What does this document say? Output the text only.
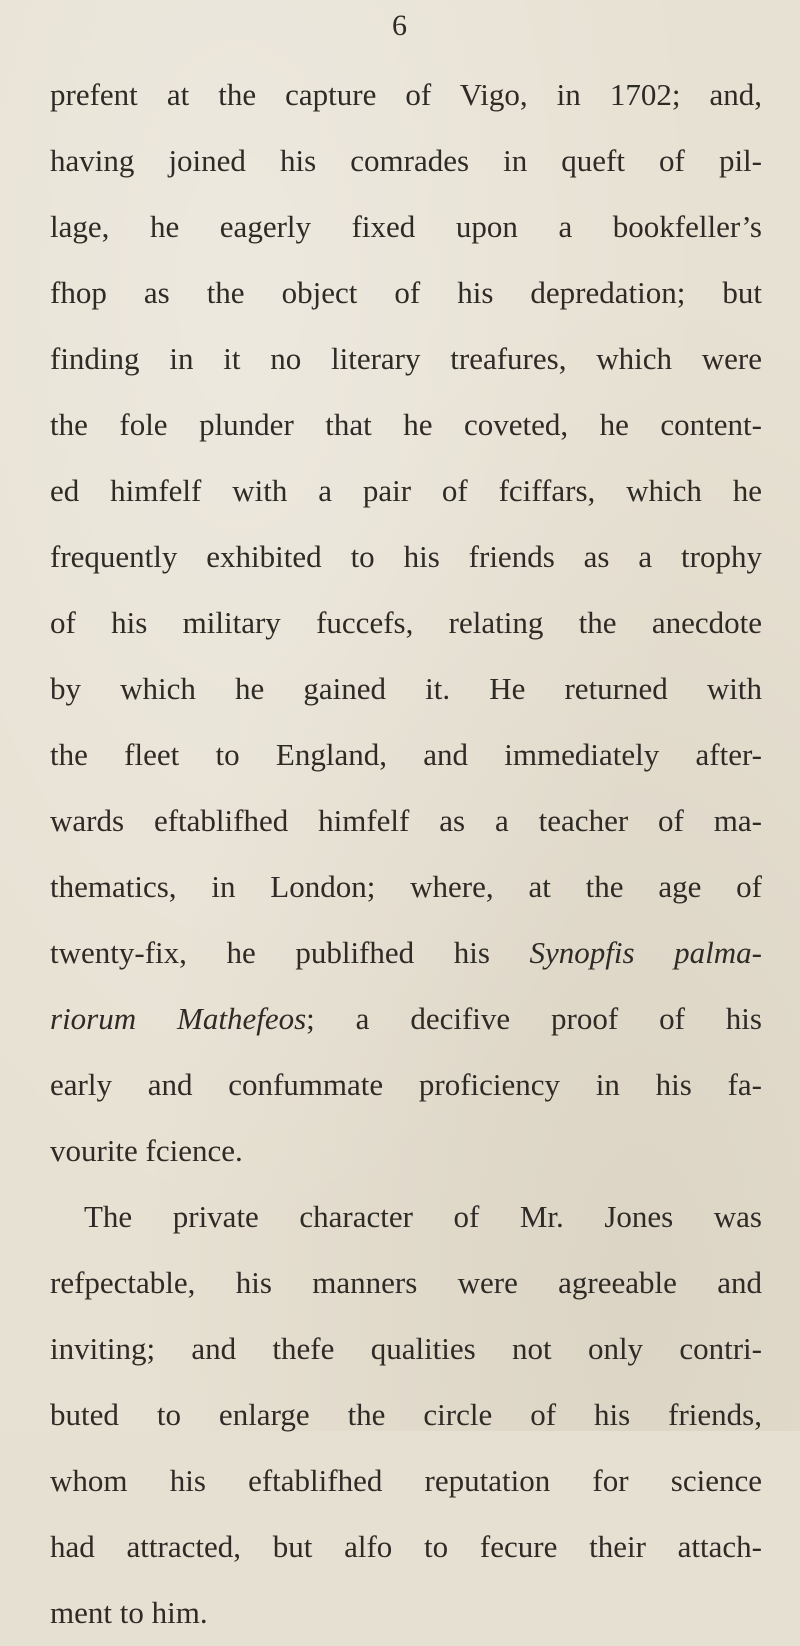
6
prefent at the capture of Vigo, in 1702; and,
having joined his comrades in queft of pil-
lage, he eagerly fixed upon a bookfeller’s
fhop as the object of his depredation; but
finding in it no literary treafures, which were
the fole plunder that he coveted, he content-
ed himfelf with a pair of fciffars, which he
frequently exhibited to his friends as a trophy
of his military fuccefs, relating the anecdote
by which he gained it. He returned with
the fleet to England, and immediately after-
wards eftablifhed himfelf as a teacher of ma-
thematics, in London; where, at the age of
twenty-fix, he publifhed his Synopfis palma-
riorum Mathefeos; a decifive proof of his
early and confummate proficiency in his fa-
vourite fcience.
The private character of Mr. Jones was
refpectable, his manners were agreeable and
inviting; and thefe qualities not only contri-
buted to enlarge the circle of his friends,
whom his eftablifhed reputation for science
had attracted, but alfo to fecure their attach-
ment to him.
